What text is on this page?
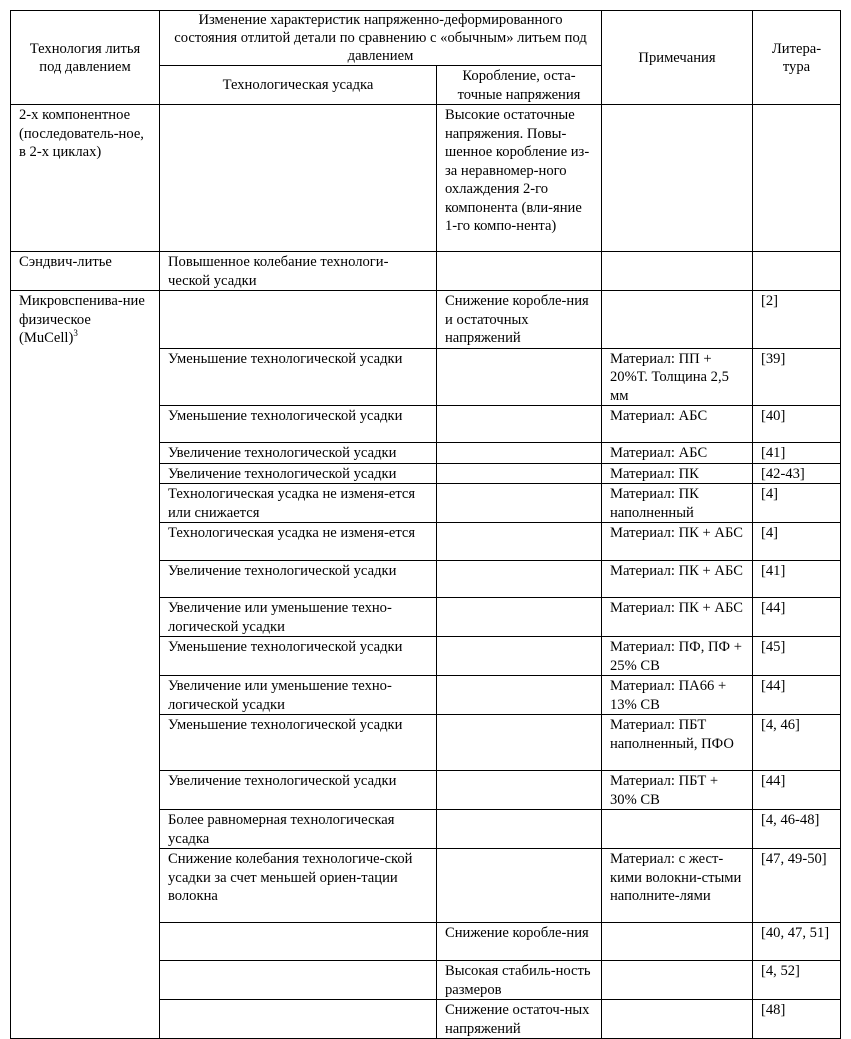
Технология литья под давлением	Изменение характеристик напряженно-деформированного состояния отлитой детали по сравнению с «обычным» литьем под давлением		Примечания	Литера-тура
	Технологическая усадка	Коробление, оста-точные напряжения		
2-х компонентное (последователь-ное, в 2-х циклах)		Высокие остаточные напряжения. Повы-шенное коробление из-за неравномер-ного охлаждения 2-го компонента (вли-яние 1-го компо-нента)		
Сэндвич-литье	Повышенное колебание технологи-ческой усадки			
Микровспенива-ние физическое (MuCell)$^3$		Снижение коробле-ния и остаточных напряжений		[2]
	Уменьшение технологической усадки		Материал: ПП + 20%Т. Толщина 2,5 мм	[39]
	Уменьшение технологической усадки		Материал: АБС	[40]
	Увеличение технологической усадки		Материал: АБС	[41]
	Увеличение технологической усадки		Материал: ПК	[42-43]
	Технологическая усадка не изменя-ется или снижается		Материал: ПК наполненный	[4]
	Технологическая усадка не изменя-ется		Материал: ПК + АБС	[4]
	Увеличение технологической усадки		Материал: ПК + АБС	[41]
	Увеличение или уменьшение техно-логической усадки		Материал: ПК + АБС	[44]
	Уменьшение технологической усадки		Материал: ПФ, ПФ + 25% СВ	[45]
	Увеличение или уменьшение техно-логической усадки		Материал: ПА66 + 13% СВ	[44]
	Уменьшение технологической усадки		Материал: ПБТ наполненный, ПФО	[4, 46]
	Увеличение технологической усадки		Материал: ПБТ + 30% СВ	[44]
	Более равномерная технологическая усадка			[4, 46-48]
	Снижение колебания технологиче-ской усадки за счет меньшей ориен-тации волокна		Материал: с жест-кими волокни-стыми наполните-лями	[47, 49-50]
		Снижение коробле-ния		[40, 47, 51]
		Высокая стабиль-ность размеров		[4, 52]
		Снижение остаточ-ных напряжений		[48]
